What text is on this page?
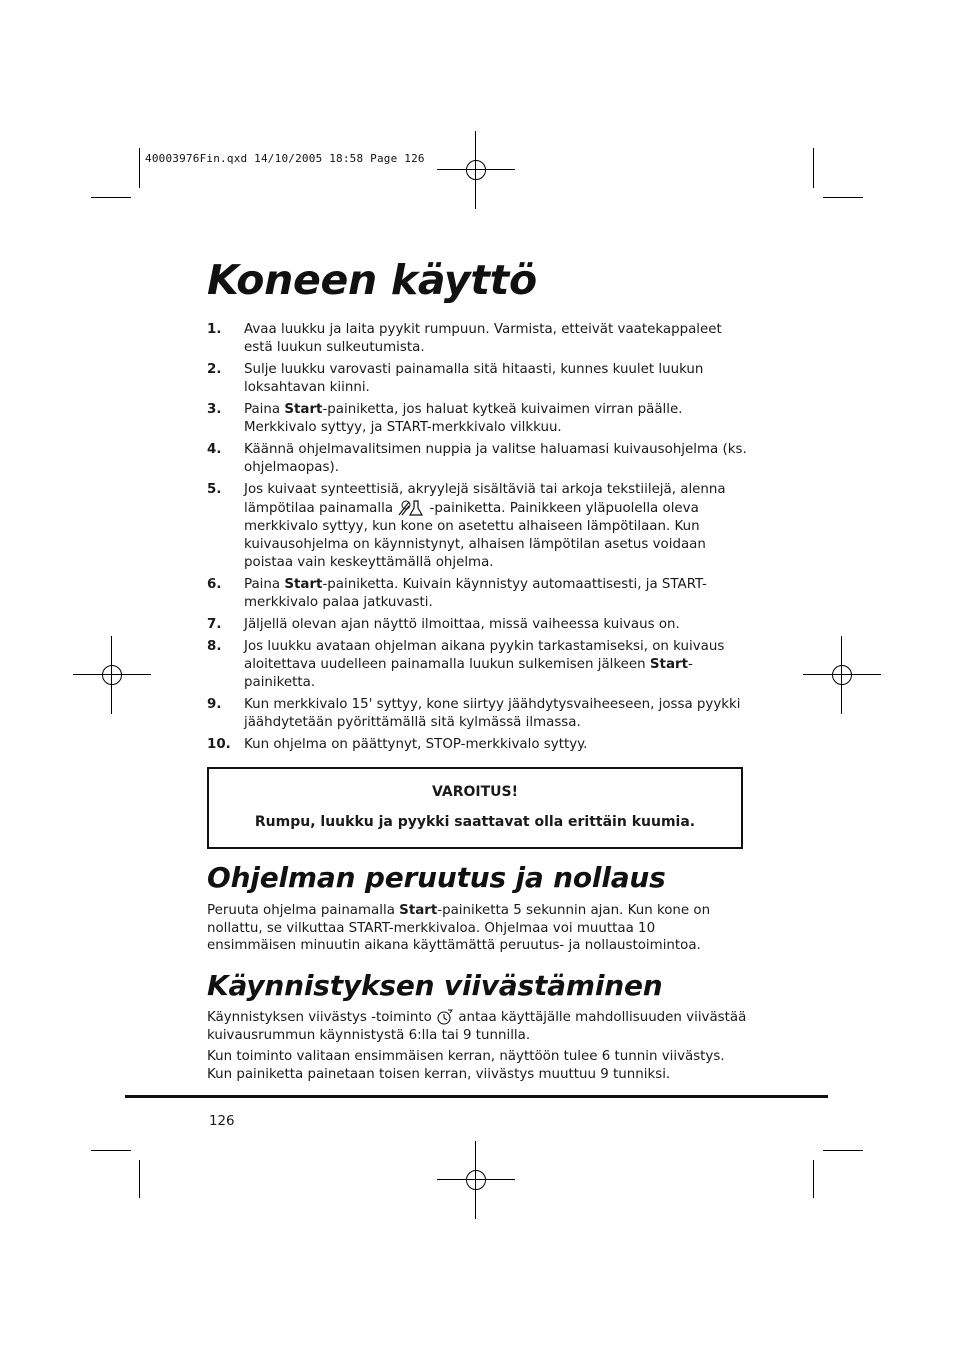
40003976Fin.qxd 14/10/2005 18:58 Page 126
Koneen käyttö
1. Avaa luukku ja laita pyykit rumpuun. Varmista, etteivät vaatekappaleet estä luukun sulkeutumista.
2. Sulje luukku varovasti painamalla sitä hitaasti, kunnes kuulet luukun loksahtavan kiinni.
3. Paina Start-painiketta, jos haluat kytkeä kuivaimen virran päälle. Merkkivalo syttyy, ja START-merkkivalo vilkkuu.
4. Käännä ohjelmavalitsimen nuppia ja valitse haluamasi kuivausohjelma (ks. ohjelmaopas).
5. Jos kuivaat synteettisiä, akryylejä sisältäviä tai arkoja tekstiilejä, alenna lämpötilaa painamalla  -painiketta. Painikkeen yläpuolella oleva merkkivalo syttyy, kun kone on asetettu alhaiseen lämpötilaan. Kun kuivausohjelma on käynnistynyt, alhaisen lämpötilan asetus voidaan poistaa vain keskeyttämällä ohjelma.
6. Paina Start-painiketta. Kuivain käynnistyy automaattisesti, ja START-merkkivalo palaa jatkuvasti.
7. Jäljellä olevan ajan näyttö ilmoittaa, missä vaiheessa kuivaus on.
8. Jos luukku avataan ohjelman aikana pyykin tarkastamiseksi, on kuivaus aloitettava uudelleen painamalla luukun sulkemisen jälkeen Start-painiketta.
9. Kun merkkivalo 15' syttyy, kone siirtyy jäähdytysvaiheeseen, jossa pyykki jäähdytetään pyörittämällä sitä kylmässä ilmassa.
10. Kun ohjelma on päättynyt, STOP-merkkivalo syttyy.
VAROITUS!
Rumpu, luukku ja pyykki saattavat olla erittäin kuumia.
Ohjelman peruutus ja nollaus

Peruuta ohjelma painamalla Start-painiketta 5 sekunnin ajan. Kun kone on nollattu, se vilkuttaa START-merkkivaloa. Ohjelmaa voi muuttaa 10 ensimmäisen minuutin aikana käyttämättä peruutus- ja nollaustoimintoa.

Käynnistyksen viivästäminen

Käynnistyksen viivästys -toiminto  antaa käyttäjälle mahdollisuuden viivästää kuivausrummun käynnistystä 6:lla tai 9 tunnilla.

Kun toiminto valitaan ensimmäisen kerran, näyttöön tulee 6 tunnin viivästys. Kun painiketta painetaan toisen kerran, viivästys muuttuu 9 tunniksi.

126
